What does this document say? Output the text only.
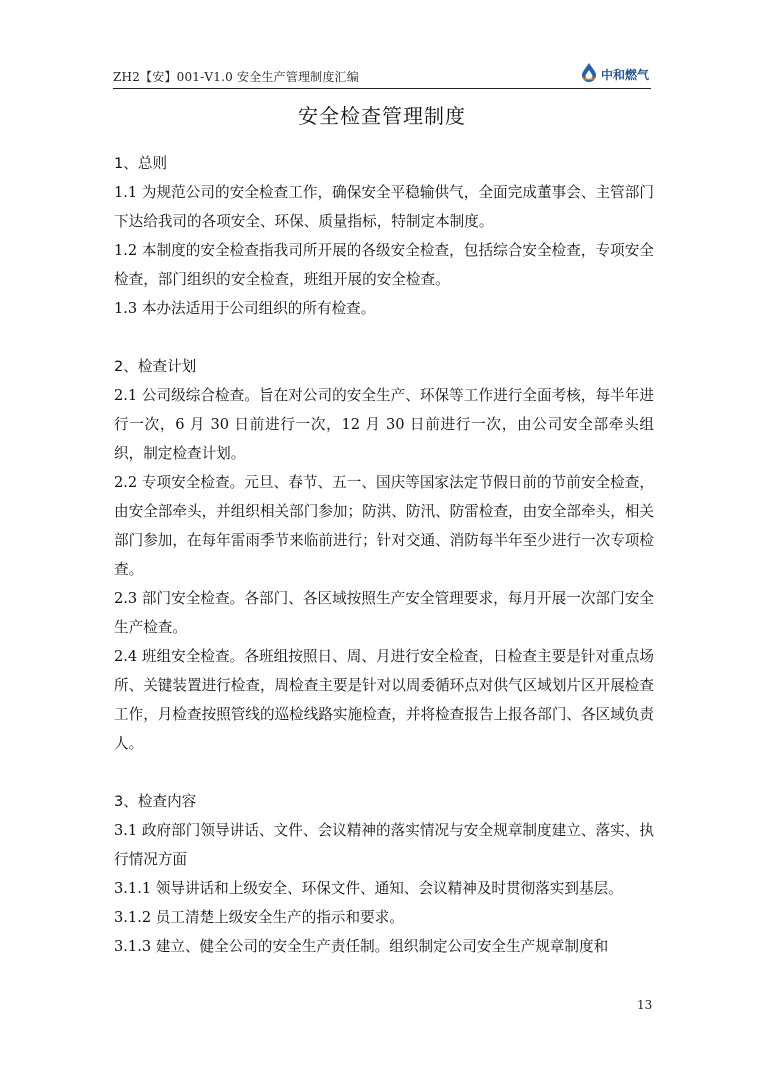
ZH2【安】001-V1.0 安全生产管理制度汇编	中和燃气
安全检查管理制度

1、总则

1.1 为规范公司的安全检查工作，确保安全平稳输供气，全面完成董事会、主管部门下达给我司的各项安全、环保、质量指标，特制定本制度。

1.2 本制度的安全检查指我司所开展的各级安全检查，包括综合安全检查，专项安全检查，部门组织的安全检查，班组开展的安全检查。

1.3 本办法适用于公司组织的所有检查。

2、检查计划

2.1 公司级综合检查。旨在对公司的安全生产、环保等工作进行全面考核，每半年进行一次，6 月 30 日前进行一次，12 月 30 日前进行一次，由公司安全部牵头组织，制定检查计划。

2.2 专项安全检查。元旦、春节、五一、国庆等国家法定节假日前的节前安全检查，由安全部牵头，并组织相关部门参加；防洪、防汛、防雷检查，由安全部牵头，相关部门参加，在每年雷雨季节来临前进行；针对交通、消防每半年至少进行一次专项检查。

2.3 部门安全检查。各部门、各区域按照生产安全管理要求，每月开展一次部门安全生产检查。

2.4 班组安全检查。各班组按照日、周、月进行安全检查，日检查主要是针对重点场所、关键装置进行检查，周检查主要是针对以周委循环点对供气区域划片区开展检查工作，月检查按照管线的巡检线路实施检查，并将检查报告上报各部门、各区域负责人。

3、检查内容

3.1 政府部门领导讲话、文件、会议精神的落实情况与安全规章制度建立、落实、执行情况方面

3.1.1 领导讲话和上级安全、环保文件、通知、会议精神及时贯彻落实到基层。

3.1.2 员工清楚上级安全生产的指示和要求。

3.1.3 建立、健全公司的安全生产责任制。组织制定公司安全生产规章制度和

13
